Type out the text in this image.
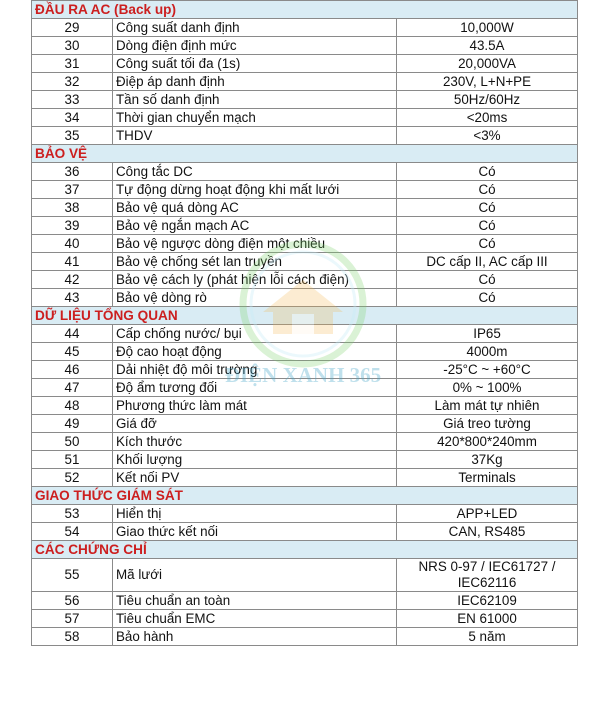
ĐẦU RA AC (Back up)		
29	Công suất danh định	10,000W
30	Dòng điện định mức	43.5A
31	Công suất tối đa (1s)	20,000VA
32	Điệp áp danh định	230V, L+N+PE
33	Tần số danh định	50Hz/60Hz
34	Thời gian chuyển mạch	<20ms
35	THDV	<3%
BẢO VỆ		
36	Công tắc DC	Có
37	Tự động dừng hoạt động khi mất lưới	Có
38	Bảo vệ quá dòng AC	Có
39	Bảo vệ ngắn mạch AC	Có
40	Bảo vệ ngược dòng điện một chiều	Có
41	Bảo vệ chống sét lan truyền	DC cấp II, AC cấp III
42	Bảo vệ cách ly (phát hiện lỗi cách điện)	Có
43	Bảo vệ dòng rò	Có
DỮ LIỆU TỔNG QUAN		
44	Cấp chống nước/ bụi	IP65
45	Độ cao hoạt động	4000m
46	Dải nhiệt độ môi trường	-25°C ~ +60°C
47	Độ ẩm tương đối	0% ~ 100%
48	Phương thức làm mát	Làm mát tự nhiên
49	Giá đỡ	Giá treo tường
50	Kích thước	420*800*240mm
51	Khối lượng	37Kg
52	Kết nối PV	Terminals
GIAO THỨC GIÁM SÁT		
53	Hiển thị	APP+LED
54	Giao thức kết nối	CAN, RS485
CÁC CHỨNG CHỈ		
55	Mã lưới	NRS 0-97 / IEC61727 / IEC62116
56	Tiêu chuẩn an toàn	IEC62109
57	Tiêu chuẩn EMC	EN 61000
58	Bảo hành	5 năm
ĐIỆN XANH 365
